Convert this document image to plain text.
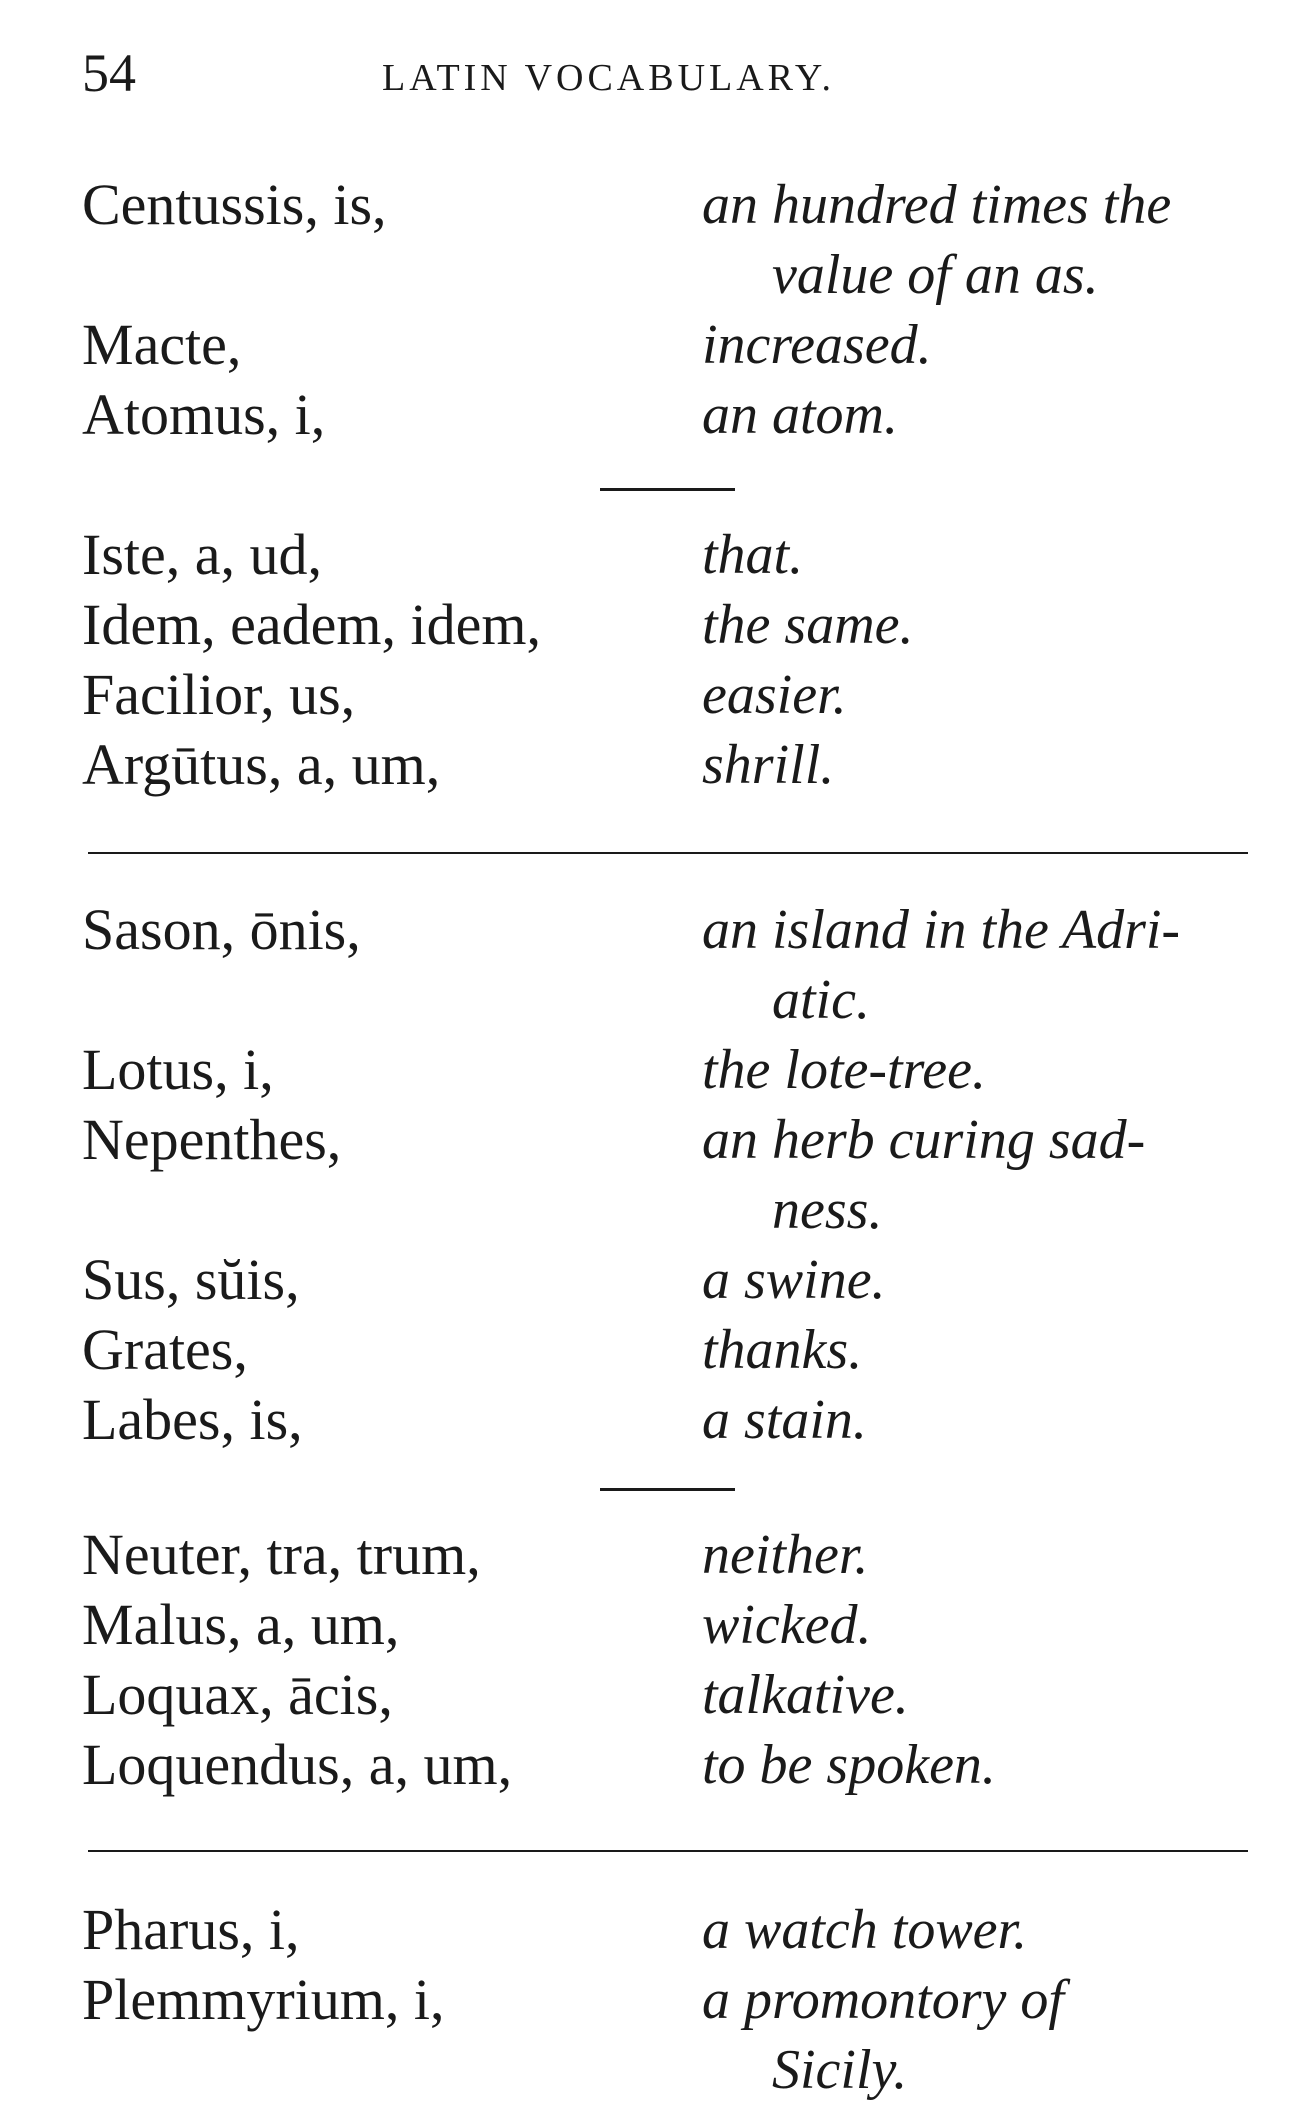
54	LATIN VOCABULARY.
Centussis, is,	an hundred times the
value of an as.
Macte,	increased.
Atomus, i,	an atom.
Iste, a, ud,	that.
Idem, eadem, idem,	the same.
Facilior, us,	easier.
Argūtus, a, um,	shrill.
Sason, ōnis,	an island in the Adri-
atic.
Lotus, i,	the lote-tree.
Nepenthes,	an herb curing sad-
ness.
Sus, sŭis,	a swine.
Grates,	thanks.
Labes, is,	a stain.
Neuter, tra, trum,	neither.
Malus, a, um,	wicked.
Loquax, ācis,	talkative.
Loquendus, a, um,	to be spoken.
Pharus, i,	a watch tower.
Plemmyrium, i,	a promontory of
Sicily.
